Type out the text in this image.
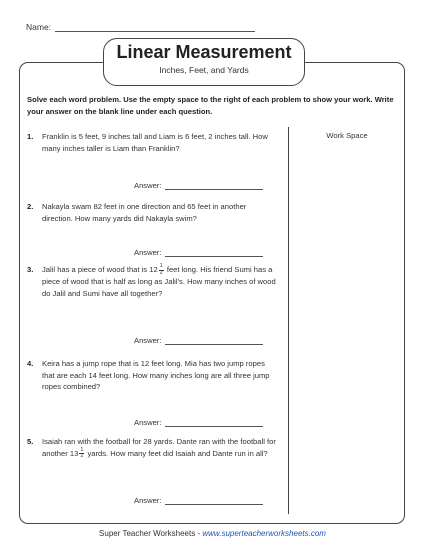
Name:
Linear Measurement
Inches, Feet, and Yards
Solve each word problem. Use the empty space to the right of each problem to show your work. Write your answer on the blank line under each question.
Work Space
1. Franklin is 5 feet, 9 inches tall and Liam is 6 feet, 2 inches tall. How many inches taller is Liam than Franklin?
Answer:
2. Nakayla swam 82 feet in one direction and 65 feet in another direction. How many yards did Nakayla swim?
Answer:
3. Jalil has a piece of wood that is $12 \frac{1}{2}$ feet long. His friend Sumi has a piece of wood that is half as long as Jalil’s. How many inches of wood do Jalil and Sumi have all together?
Answer:
4. Keira has a jump rope that is 12 feet long. Mia has two jump ropes that are each 14 feet long. How many inches long are all three jump ropes combined?
Answer:
5. Isaiah ran with the football for 28 yards. Dante ran with the football for another $13 \frac{1}{2}$ yards. How many feet did Isaiah and Dante run in all?
Answer:
Super Teacher Worksheets - www.superteacherworksheets.com
